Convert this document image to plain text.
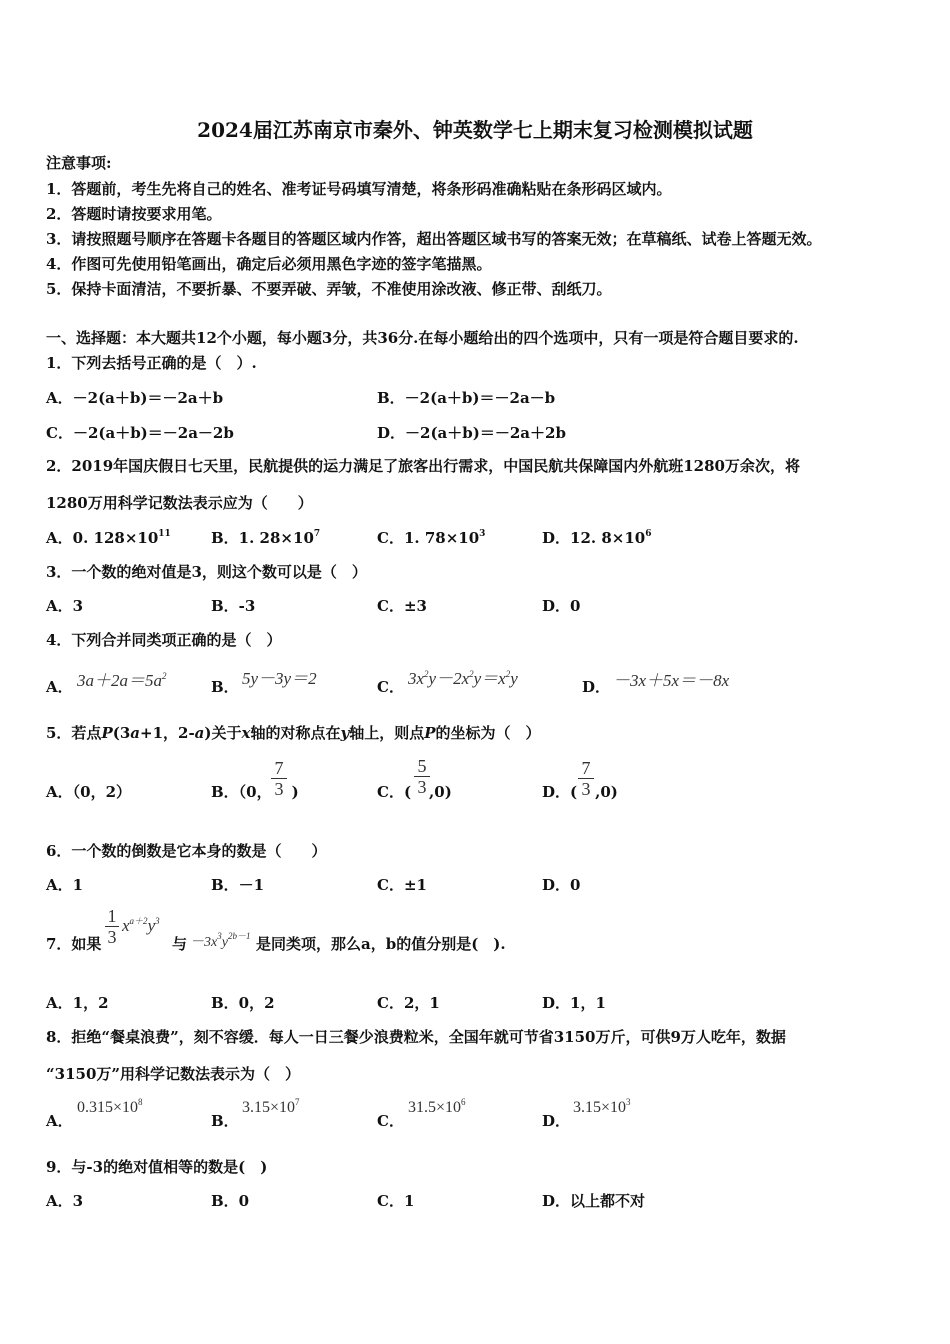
2024届江苏南京市秦外、钟英数学七上期末复习检测模拟试题
注意事项:
1．答题前，考生先将自己的姓名、准考证号码填写清楚，将条形码准确粘贴在条形码区域内。
2．答题时请按要求用笔。
3．请按照题号顺序在答题卡各题目的答题区域内作答，超出答题区域书写的答案无效；在草稿纸、试卷上答题无效。
4．作图可先使用铅笔画出，确定后必须用黑色字迹的签字笔描黑。
5．保持卡面清洁，不要折暴、不要弄破、弄皱，不准使用涂改液、修正带、刮纸刀。
一、选择题：本大题共12个小题，每小题3分，共36分.在每小题给出的四个选项中，只有一项是符合题目要求的.
1．下列去括号正确的是（　）.
A．－2(a＋b)＝－2a＋b	B．－2(a＋b)＝－2a－b
C．－2(a＋b)＝－2a－2b	D．－2(a＋b)＝－2a＋2b
2．2019年国庆假日七天里，民航提供的运力满足了旅客出行需求，中国民航共保障国内外航班1280万余次，将
1280万用科学记数法表示应为（　　）
A．0. $128\times 10^{11}$	B．1. $28\times 10^7$	C．1. $78\times 10^3$	D．12. $8\times 10^6$
3．一个数的绝对值是3，则这个数可以是（　）
A．3	B．-3	C．±3	D．0
4．下列合并同类项正确的是（　）
A． $3a+2a=5a^2$
B． 5y－3y＝2	C． $3x^2y-2x^2y=x^2y$	D． －3x＋5x＝－8x
5．若点P(3a+1，2-a)关于x轴的对称点在y轴上，则点P的坐标为（　）
A．（0，2）	B．（0， )
7
3	C．( ,0)
5
3	D．( ,0)
7
3
6．一个数的倒数是它本身的数是（　　）
A．1	B．－1	C．±1	D．0
7．如果
1
3
$x^{a+2}y^3$
与 $-3x^3y^{2b-1}$ 是同类项，那么a，b的值分别是(　).
A．1，2	B．0，2	C．2，1	D．1，1
8．拒绝“餐桌浪费”，刻不容缓．每人一日三餐少浪费粒米，全国年就可节省3150万斤，可供9万人吃年，数据
“3150万”用科学记数法表示为（　）
A．
$0.315\times 10^8$
B．
$3.15\times 10^7$
C．
$31.5\times 10^6$
D．
$3.15\times 10^3$
9．与-3的绝对值相等的数是(　)
A．3	B．0	C．1	D．以上都不对
